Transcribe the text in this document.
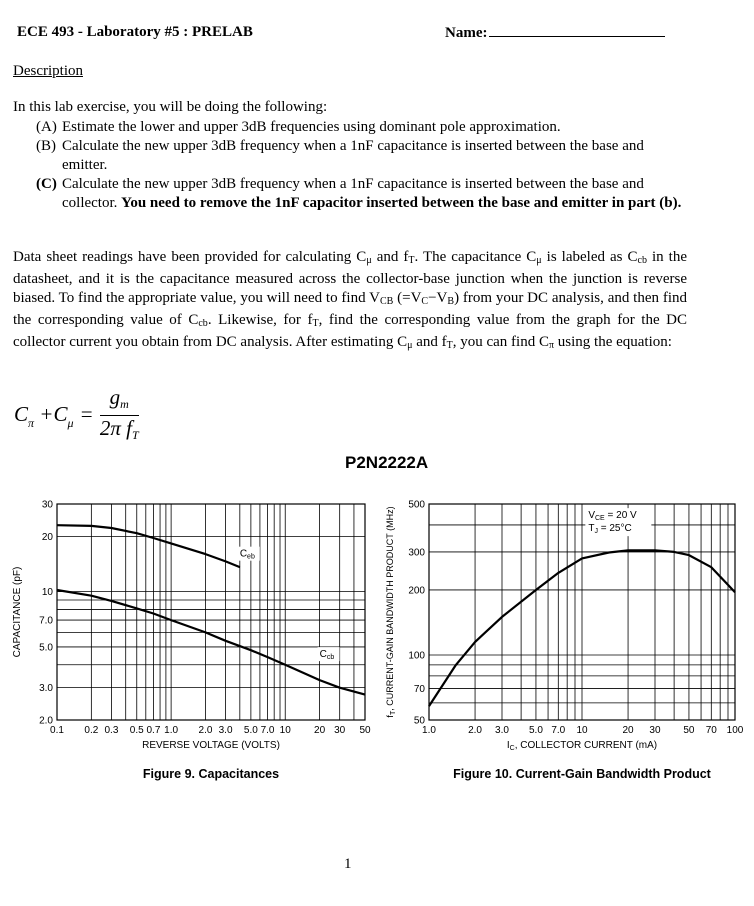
ECE 493 - Laboratory #5 : PRELAB	Name:
Description
In this lab exercise, you will be doing the following:
(A) Estimate the lower and upper 3dB frequencies using dominant pole approximation.
(B) Calculate the new upper 3dB frequency when a 1nF capacitance is inserted between the base and emitter.
(C) Calculate the new upper 3dB frequency when a 1nF capacitance is inserted between the base and collector. You need to remove the 1nF capacitor inserted between the base and emitter in part (b).
Data sheet readings have been provided for calculating $C_\mu$ and $f_T$. The capacitance $C_\mu$ is labeled as $C_{cb}$ in the datasheet, and it is the capacitance measured across the collector-base junction when the junction is reverse biased. To find the appropriate value, you will need to find $V_{CB}$ $(=V_C-V_B)$ from your DC analysis, and then find the corresponding value of $C_{cb}$. Likewise, for $f_T$, find the corresponding value from the graph for the DC collector current you obtain from DC analysis. After estimating $C_\mu$ and $f_T$, you can find $C_\pi$ using the equation:
$C_\pi +C_\mu = \frac{gm}{\text{2π fT}}$
P2N2222A
0.1 0.2 0.3 0.5 0.7 1.0 2.0 3.0 5.0 7.0 10 20 30 50
2.0
3.0
5.0
7.0
10
20
30
$C_{eb}$
$C_{cb}$
REVERSE VOLTAGE (VOLTS)
CAPACITANCE (pF)
Figure 9. Capacitances
1.0	2.0 3.0 5.0 7.0 10	20 30 50 70 100
50
70
100
200
300
500
$I_C$, COLLECTOR CURRENT (mA)
$f_T$, CURRENT-GAIN BANDWIDTH PRODUCT (MHz)
Figure 10. Current-Gain Bandwidth Product
$V_{CE} = 20$ V
$T_J = 25^\circ C$
1
